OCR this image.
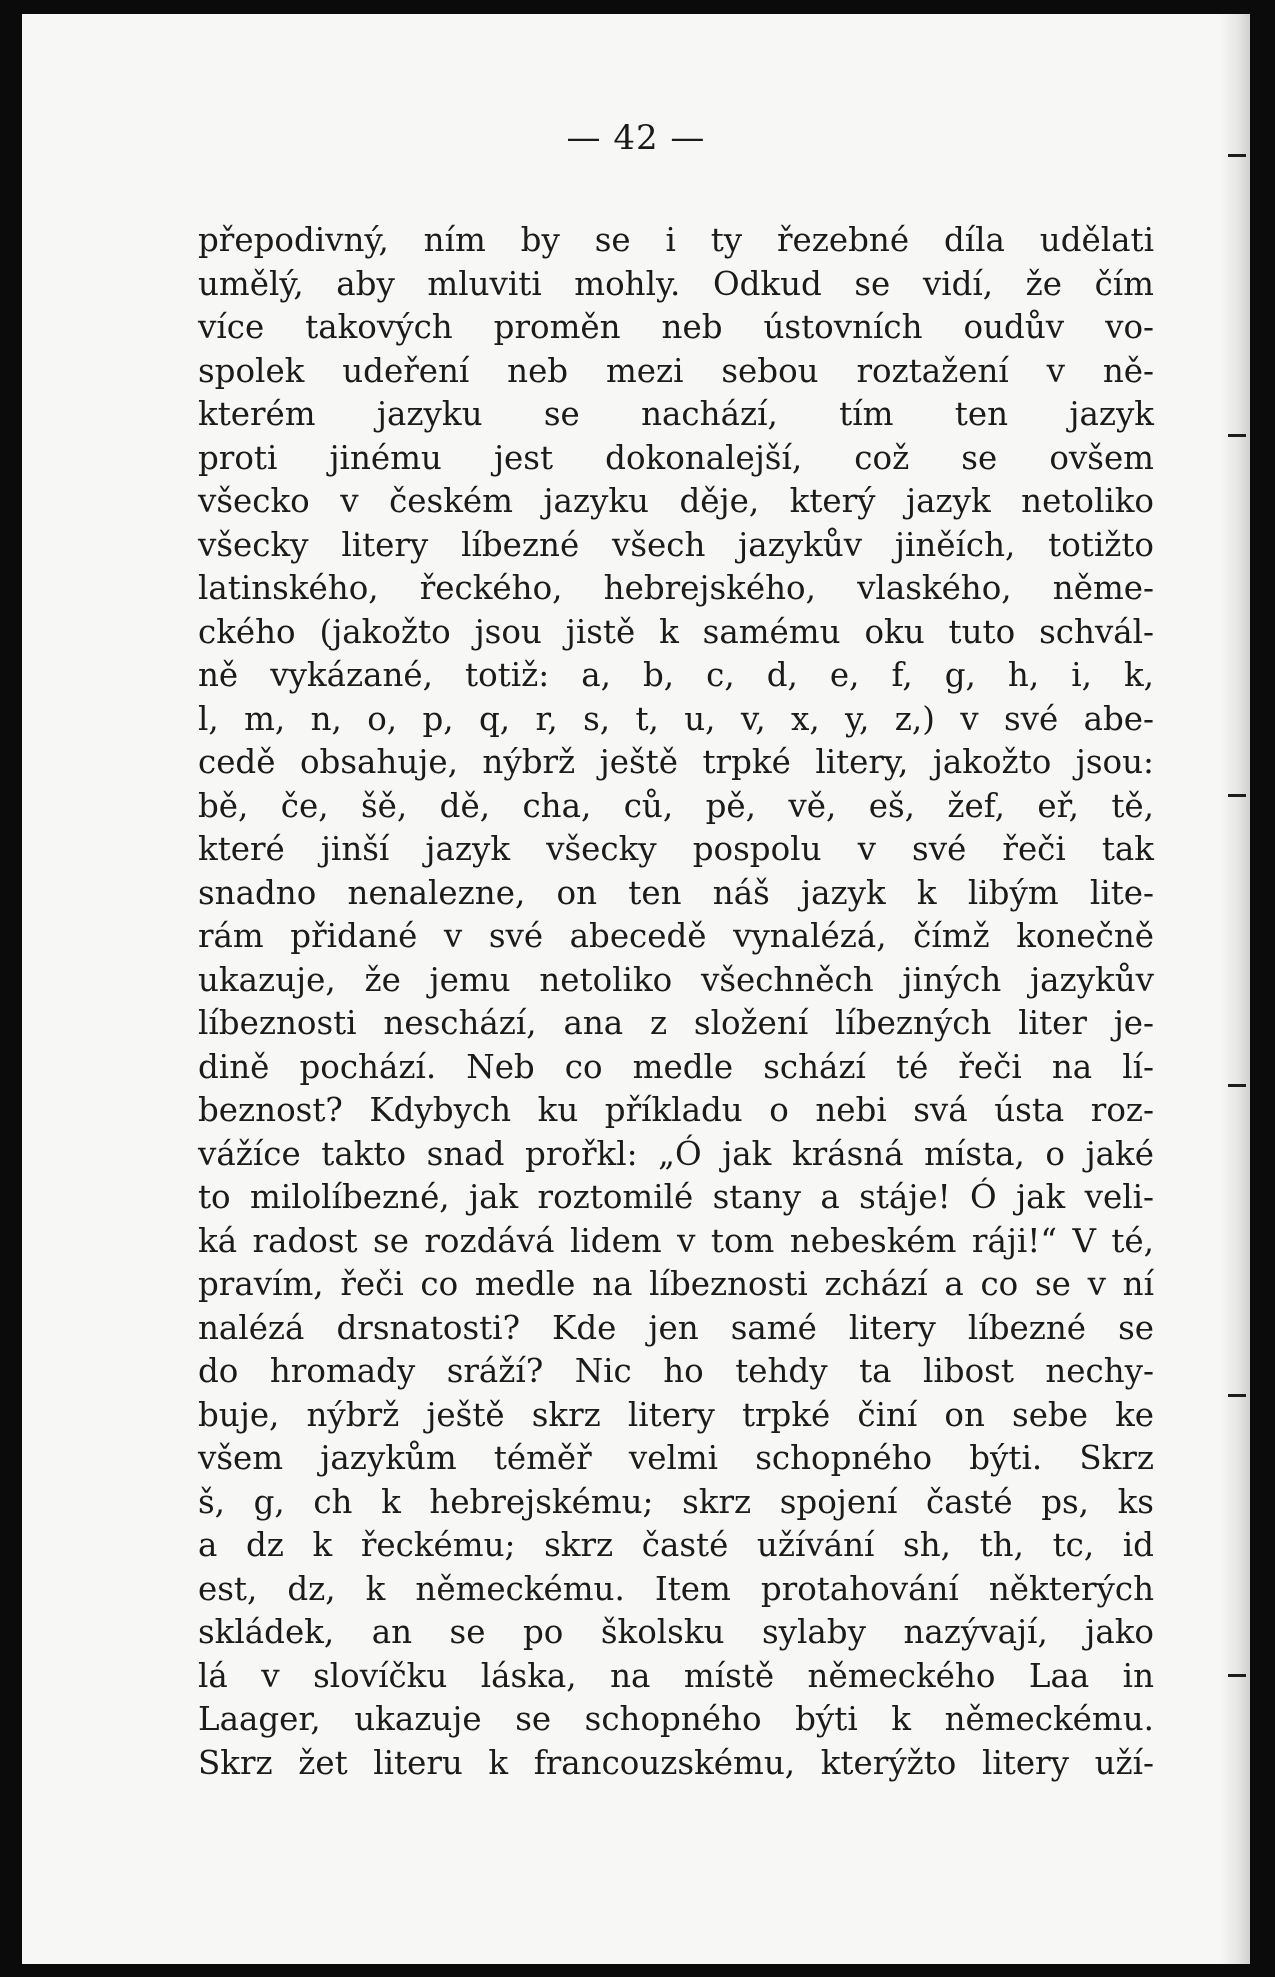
— 42 —
přepodivný, ním by se i ty řezebné díla udělati
umělý, aby mluviti mohly. Odkud se vidí, že čím
více takových proměn neb ústovních oudův vo-
spolek udeření neb mezi sebou roztažení v ně-
kterém jazyku se nachází, tím ten jazyk
proti jinému jest dokonalejší, což se ovšem
všecko v českém jazyku děje, který jazyk netoliko
všecky litery líbezné všech jazykův jiněích, totižto
latinského, řeckého, hebrejského, vlaského, něme-
ckého (jakožto jsou jistě k samému oku tuto schvál-
ně vykázané, totiž: a, b, c, d, e, f, g, h, i, k,
l, m, n, o, p, q, r, s, t, u, v, x, y, z,) v své abe-
cedě obsahuje, nýbrž ještě trpké litery, jakožto jsou:
bě, če, šě, dě, cha, ců, pě, vě, eš, žef, eř, tě,
které jinší jazyk všecky pospolu v své řeči tak
snadno nenalezne, on ten náš jazyk k libým lite-
rám přidané v své abecedě vynalézá, čímž konečně
ukazuje, že jemu netoliko všechněch jiných jazykův
líbeznosti neschází, ana z složení líbezných liter je-
dině pochází. Neb co medle schází té řeči na lí-
beznost? Kdybych ku příkladu o nebi svá ústa roz-
vážíce takto snad prořkl: „Ó jak krásná místa, o jaké
to milolíbezné, jak roztomilé stany a stáje! Ó jak veli-
ká radost se rozdává lidem v tom nebeském ráji!“ V té,
pravím, řeči co medle na líbeznosti zchází a co se v ní
nalézá drsnatosti? Kde jen samé litery líbezné se
do hromady sráží? Nic ho tehdy ta libost nechy-
buje, nýbrž ještě skrz litery trpké činí on sebe ke
všem jazykům téměř velmi schopného býti. Skrz
š, g, ch k hebrejskému; skrz spojení časté ps, ks
a dz k řeckému; skrz časté užívání sh, th, tc, id
est, dz, k německému. Item protahování některých
skládek, an se po školsku sylaby nazývají, jako
lá v slovíčku láska, na místě německého Laa in
Laager, ukazuje se schopného býti k německému.
Skrz žet literu k francouzskému, kterýžto litery uží-
